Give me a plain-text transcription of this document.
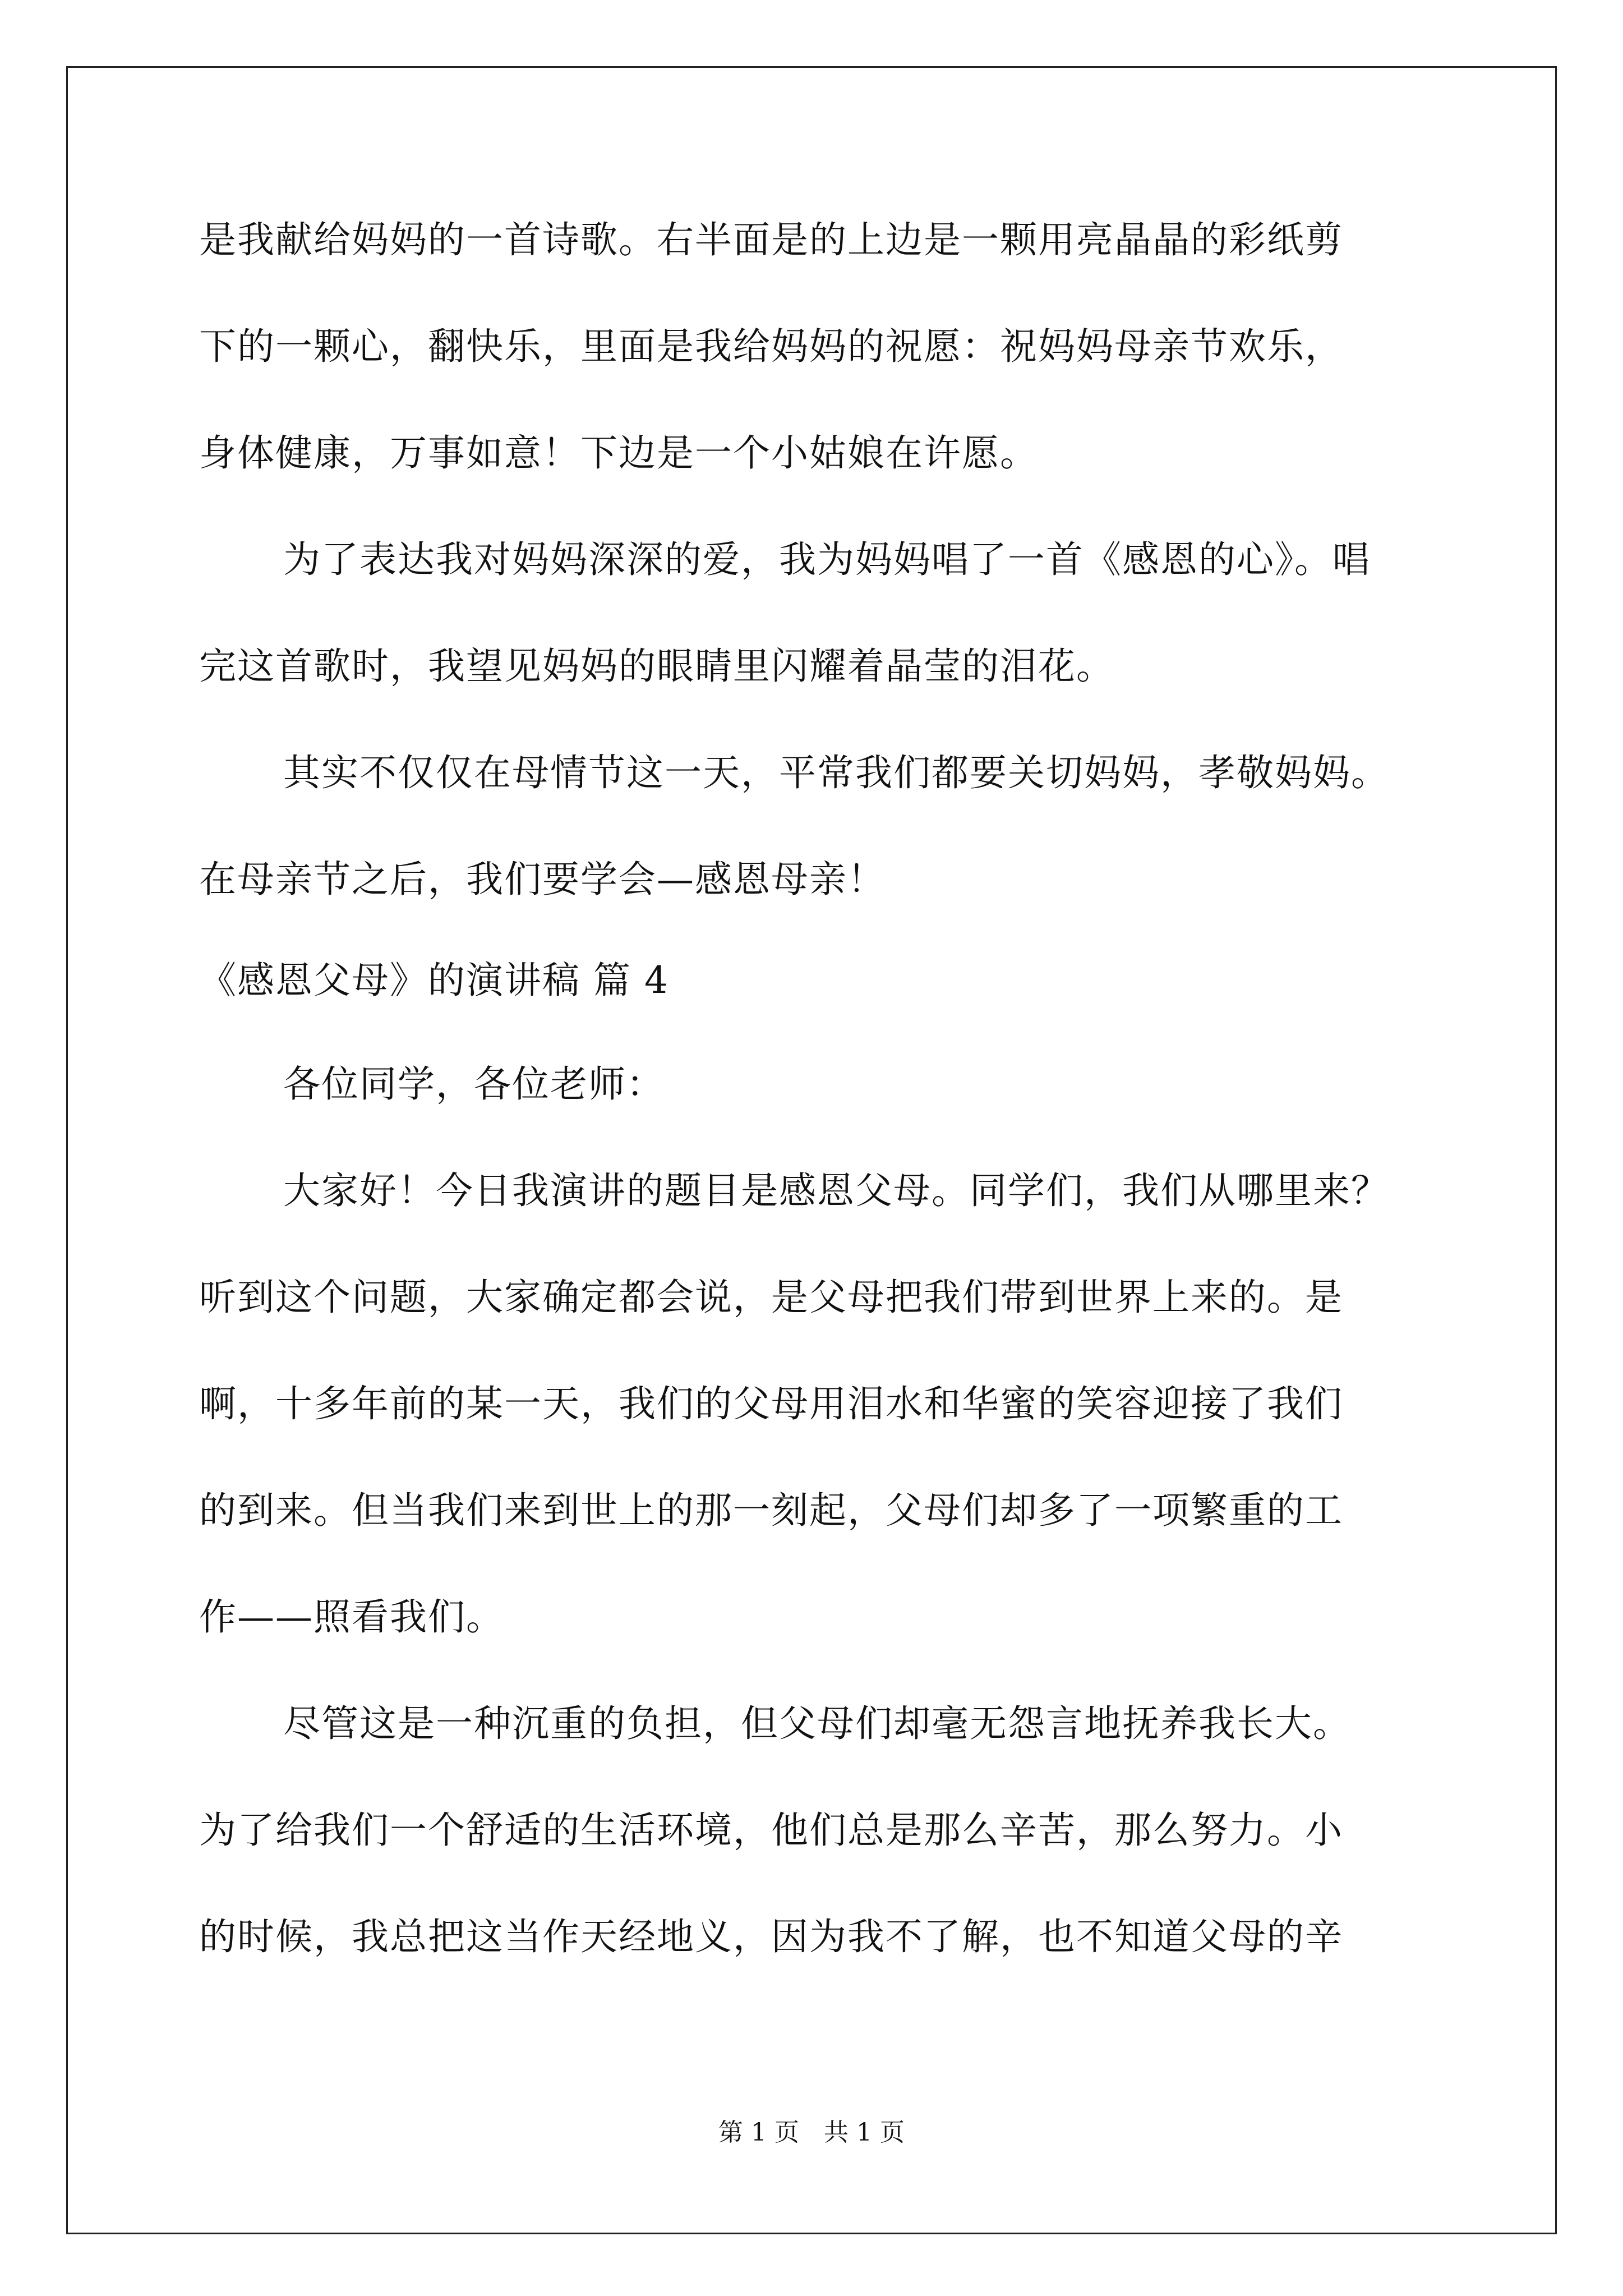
是我献给妈妈的一首诗歌。右半面是的上边是一颗用亮晶晶的彩纸剪
下的一颗心，翻快乐，里面是我给妈妈的祝愿：祝妈妈母亲节欢乐，
身体健康，万事如意！下边是一个小姑娘在许愿。
为了表达我对妈妈深深的爱，我为妈妈唱了一首《感恩的心》。唱
完这首歌时，我望见妈妈的眼睛里闪耀着晶莹的泪花。
其实不仅仅在母情节这一天，平常我们都要关切妈妈，孝敬妈妈。
在母亲节之后，我们要学会—感恩母亲！
《感恩父母》的演讲稿 篇 4
各位同学，各位老师：
大家好！今日我演讲的题目是感恩父母。同学们，我们从哪里来？
听到这个问题，大家确定都会说，是父母把我们带到世界上来的。是
啊，十多年前的某一天，我们的父母用泪水和华蜜的笑容迎接了我们
的到来。但当我们来到世上的那一刻起，父母们却多了一项繁重的工
作——照看我们。
尽管这是一种沉重的负担，但父母们却毫无怨言地抚养我长大。
为了给我们一个舒适的生活环境，他们总是那么辛苦，那么努力。小
的时候，我总把这当作天经地义，因为我不了解，也不知道父母的辛
第 1 页　共 1 页
